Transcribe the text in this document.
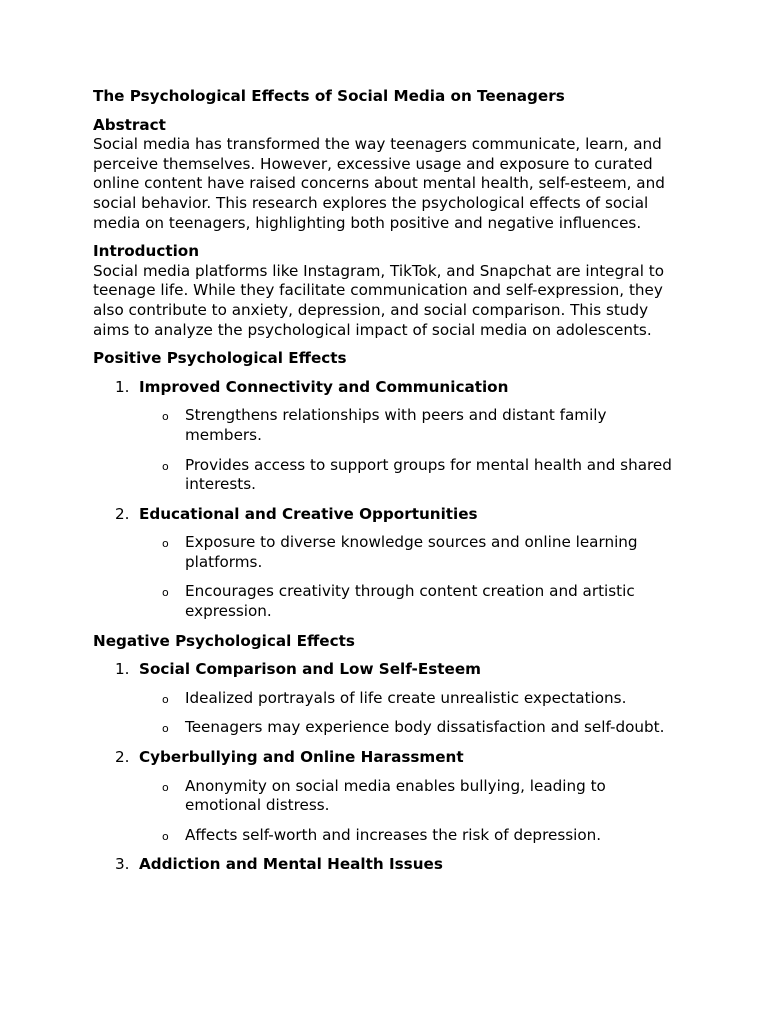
The Psychological Effects of Social Media on Teenagers

Abstract

Social media has transformed the way teenagers communicate, learn, and perceive themselves. However, excessive usage and exposure to curated online content have raised concerns about mental health, self-esteem, and social behavior. This research explores the psychological effects of social media on teenagers, highlighting both positive and negative influences.

Introduction

Social media platforms like Instagram, TikTok, and Snapchat are integral to teenage life. While they facilitate communication and self-expression, they also contribute to anxiety, depression, and social comparison. This study aims to analyze the psychological impact of social media on adolescents.

Positive Psychological Effects

1. Improved Connectivity and Communication
o Strengthens relationships with peers and distant family members.
o Provides access to support groups for mental health and shared interests.
2. Educational and Creative Opportunities
o Exposure to diverse knowledge sources and online learning platforms.
o Encourages creativity through content creation and artistic expression.

Negative Psychological Effects

1. Social Comparison and Low Self-Esteem
o Idealized portrayals of life create unrealistic expectations.
o Teenagers may experience body dissatisfaction and self-doubt.
2. Cyberbullying and Online Harassment
o Anonymity on social media enables bullying, leading to emotional distress.
o Affects self-worth and increases the risk of depression.
3. Addiction and Mental Health Issues
